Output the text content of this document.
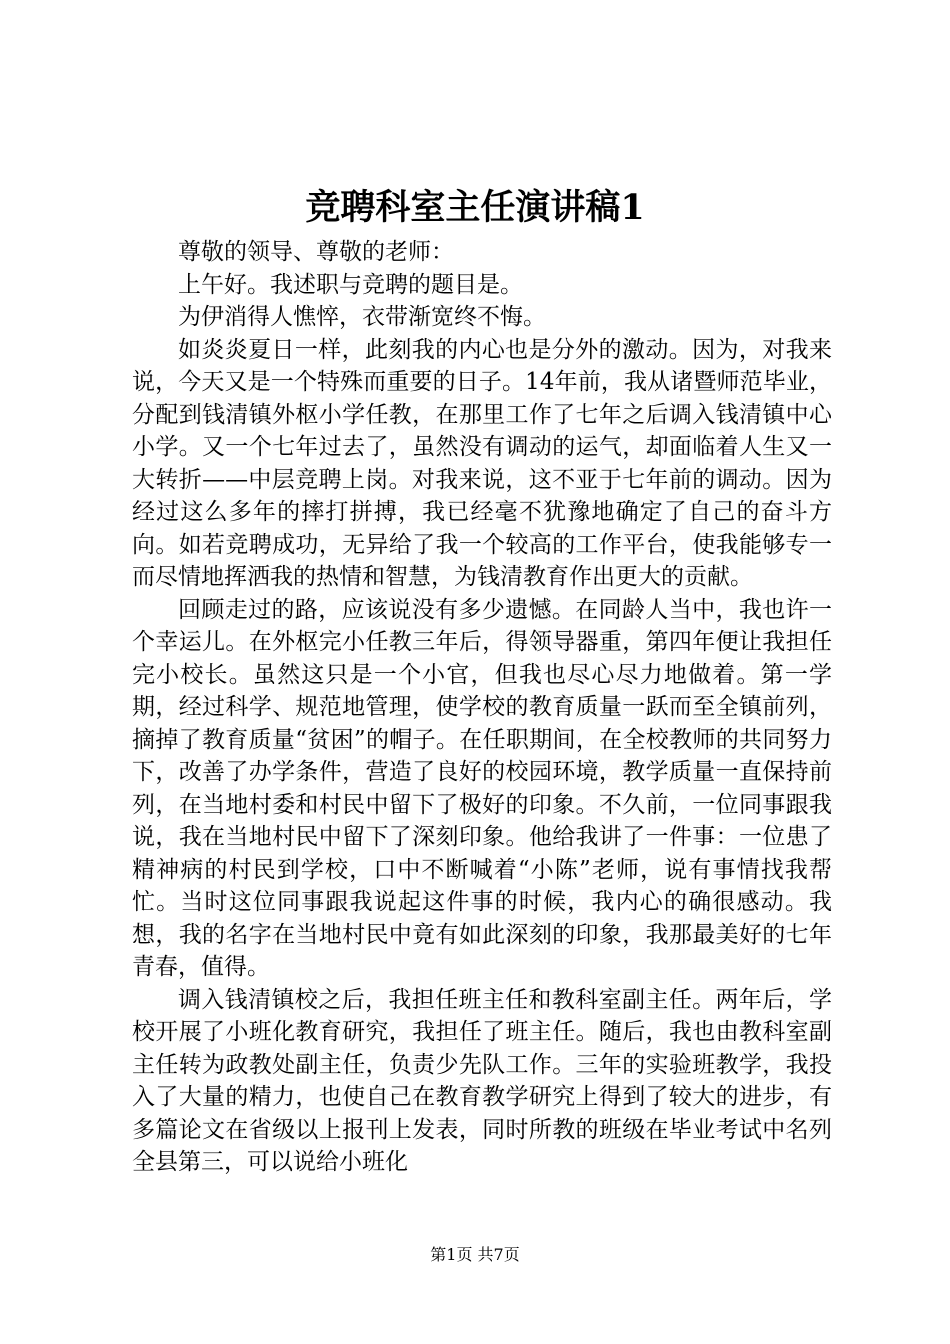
竞聘科室主任演讲稿1

尊敬的领导、尊敬的老师：

上午好。我述职与竞聘的题目是。

为伊消得人憔悴，衣带渐宽终不悔。

如炎炎夏日一样，此刻我的内心也是分外的激动。因为，对我来说，今天又是一个特殊而重要的日子。14年前，我从诸暨师范毕业，分配到钱清镇外枢小学任教，在那里工作了七年之后调入钱清镇中心小学。又一个七年过去了，虽然没有调动的运气，却面临着人生又一大转折——中层竞聘上岗。对我来说，这不亚于七年前的调动。因为经过这么多年的摔打拼搏，我已经毫不犹豫地确定了自己的奋斗方向。如若竞聘成功，无异给了我一个较高的工作平台，使我能够专一而尽情地挥洒我的热情和智慧，为钱清教育作出更大的贡献。

回顾走过的路，应该说没有多少遗憾。在同龄人当中，我也许一个幸运儿。在外枢完小任教三年后，得领导器重，第四年便让我担任完小校长。虽然这只是一个小官，但我也尽心尽力地做着。第一学期，经过科学、规范地管理，使学校的教育质量一跃而至全镇前列，摘掉了教育质量“贫困”的帽子。在任职期间，在全校教师的共同努力下，改善了办学条件，营造了良好的校园环境，教学质量一直保持前列，在当地村委和村民中留下了极好的印象。不久前，一位同事跟我说，我在当地村民中留下了深刻印象。他给我讲了一件事：一位患了精神病的村民到学校，口中不断喊着“小陈”老师，说有事情找我帮忙。当时这位同事跟我说起这件事的时候，我内心的确很感动。我想，我的名字在当地村民中竟有如此深刻的印象，我那最美好的七年青春，值得。

调入钱清镇校之后，我担任班主任和教科室副主任。两年后，学校开展了小班化教育研究，我担任了班主任。随后，我也由教科室副主任转为政教处副主任，负责少先队工作。三年的实验班教学，我投入了大量的精力，也使自己在教育教学研究上得到了较大的进步，有多篇论文在省级以上报刊上发表，同时所教的班级在毕业考试中名列全县第三，可以说给小班化

第1页 共7页
